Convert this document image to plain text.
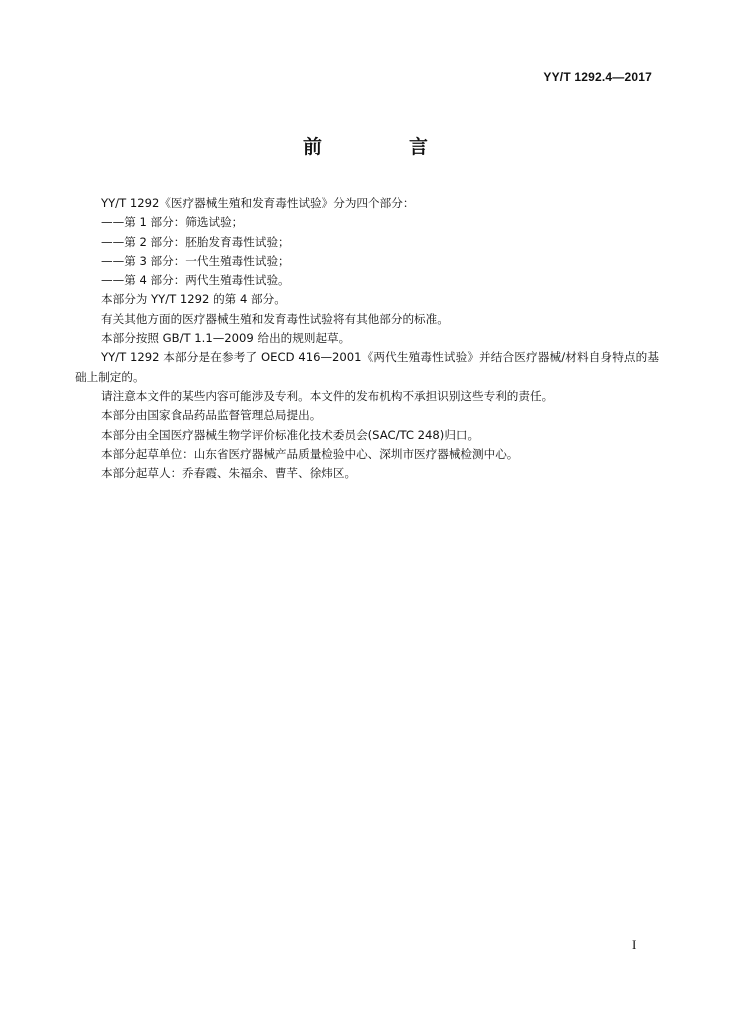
YY/T 1292.4—2017
前　言

YY/T 1292《医疗器械生殖和发育毒性试验》分为四个部分：

——第 1 部分：筛选试验；

——第 2 部分：胚胎发育毒性试验；

——第 3 部分：一代生殖毒性试验；

——第 4 部分：两代生殖毒性试验。

本部分为 YY/T 1292 的第 4 部分。

有关其他方面的医疗器械生殖和发育毒性试验将有其他部分的标准。

本部分按照 GB/T 1.1—2009 给出的规则起草。

YY/T 1292 本部分是在参考了 OECD 416—2001《两代生殖毒性试验》并结合医疗器械/材料自身特点的基础上制定的。

请注意本文件的某些内容可能涉及专利。本文件的发布机构不承担识别这些专利的责任。

本部分由国家食品药品监督管理总局提出。

本部分由全国医疗器械生物学评价标准化技术委员会(SAC/TC 248)归口。

本部分起草单位：山东省医疗器械产品质量检验中心、深圳市医疗器械检测中心。

本部分起草人：乔春霞、朱福余、曹芊、徐炜区。

I
